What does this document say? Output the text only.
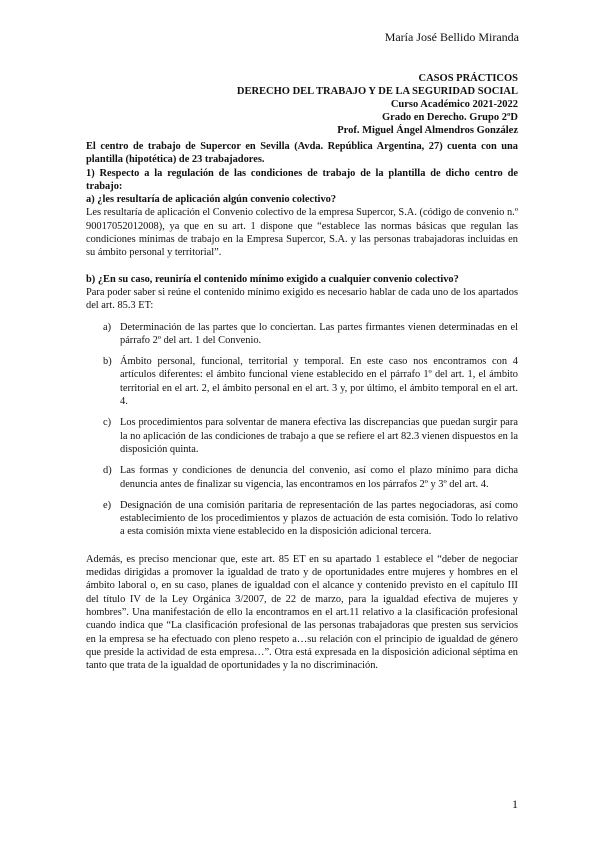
María José Bellido Miranda
CASOS PRÁCTICOS
DERECHO DEL TRABAJO Y DE LA SEGURIDAD SOCIAL
Curso Académico 2021-2022
Grado en Derecho. Grupo 2ºD
Prof. Miguel Ángel Almendros González
El centro de trabajo de Supercor en Sevilla (Avda. República Argentina, 27) cuenta con una plantilla (hipotética) de 23 trabajadores.
1) Respecto a la regulación de las condiciones de trabajo de la plantilla de dicho centro de trabajo:
a) ¿les resultaría de aplicación algún convenio colectivo?
Les resultaría de aplicación el Convenio colectivo de la empresa Supercor, S.A. (código de convenio n.º 90017052012008), ya que en su art. 1 dispone que “establece las normas básicas que regulan las condiciones mínimas de trabajo en la Empresa Supercor, S.A. y las personas trabajadoras incluidas en su ámbito personal y territorial”.
b) ¿En su caso, reuniría el contenido mínimo exigido a cualquier convenio colectivo?
Para poder saber si reúne el contenido mínimo exigido es necesario hablar de cada uno de los apartados del art. 85.3 ET:
a) Determinación de las partes que lo conciertan. Las partes firmantes vienen determinadas en el párrafo 2º del art. 1 del Convenio.
b) Ámbito personal, funcional, territorial y temporal. En este caso nos encontramos con 4 artículos diferentes: el ámbito funcional viene establecido en el párrafo 1º del art. 1, el ámbito territorial en el art. 2, el ámbito personal en el art. 3 y, por último, el ámbito temporal en el art. 4.
c) Los procedimientos para solventar de manera efectiva las discrepancias que puedan surgir para la no aplicación de las condiciones de trabajo a que se refiere el art 82.3 vienen dispuestos en la disposición quinta.
d) Las formas y condiciones de denuncia del convenio, así como el plazo mínimo para dicha denuncia antes de finalizar su vigencia, las encontramos en los párrafos 2º y 3º del art. 4.
e) Designación de una comisión paritaria de representación de las partes negociadoras, así como establecimiento de los procedimientos y plazos de actuación de esta comisión. Todo lo relativo a esta comisión mixta viene establecido en la disposición adicional tercera.
Además, es preciso mencionar que, este art. 85 ET en su apartado 1 establece el “deber de negociar medidas dirigidas a promover la igualdad de trato y de oportunidades entre mujeres y hombres en el ámbito laboral o, en su caso, planes de igualdad con el alcance y contenido previsto en el capítulo III del título IV de la Ley Orgánica 3/2007, de 22 de marzo, para la igualdad efectiva de mujeres y hombres”. Una manifestación de ello la encontramos en el art.11 relativo a la clasificación profesional cuando indica que “La clasificación profesional de las personas trabajadoras que presten sus servicios en la empresa se ha efectuado con pleno respeto a…su relación con el principio de igualdad de género que preside la actividad de esta empresa…”. Otra está expresada en la disposición adicional séptima en tanto que trata de la igualdad de oportunidades y la no discriminación.
1
